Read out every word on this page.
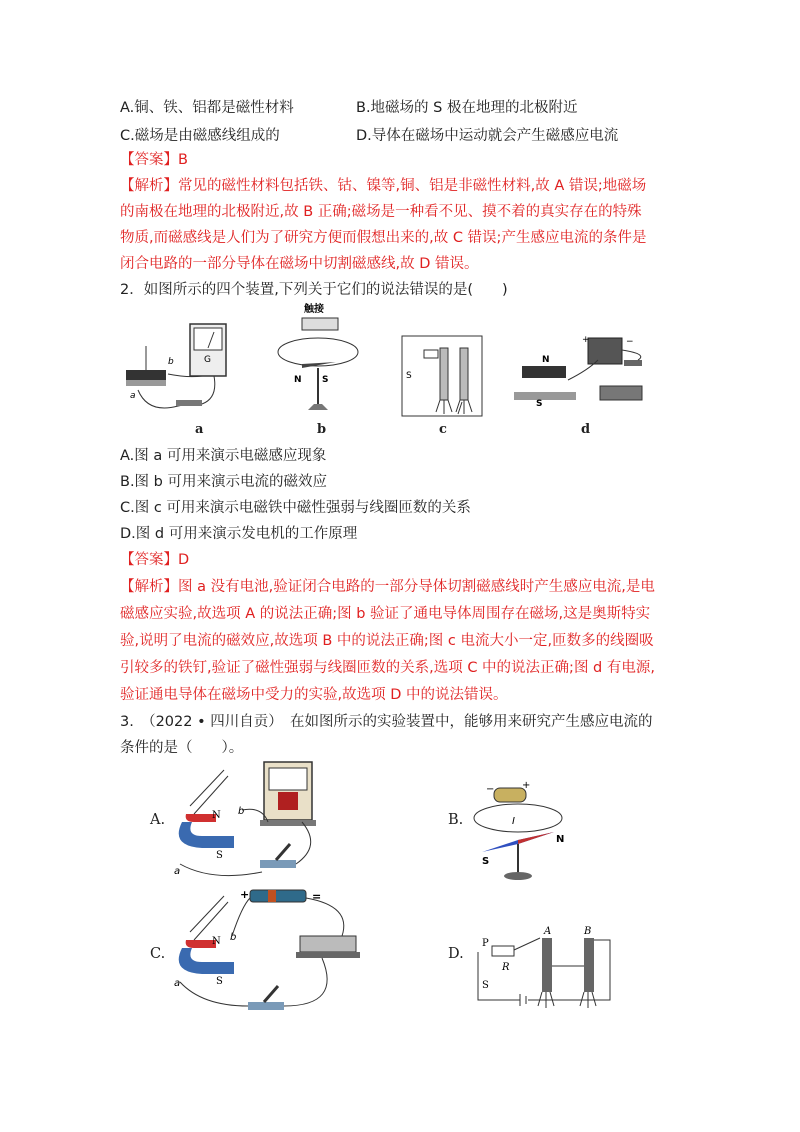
A.铜、铁、铝都是磁性材料	B.地磁场的 S 极在地理的北极附近
C.磁场是由磁感线组成的	D.导体在磁场中运动就会产生磁感应电流
【答案】B
【解析】常见的磁性材料包括铁、钴、镍等,铜、铝是非磁性材料,故 A 错误;地磁场
的南极在地理的北极附近,故 B 正确;磁场是一种看不见、摸不着的真实存在的特殊
物质,而磁感线是人们为了研究方便而假想出来的,故 C 错误;产生感应电流的条件是
闭合电路的一部分导体在磁场中切割磁感线,故 D 错误。
2．如图所示的四个装置,下列关于它们的说法错误的是(　　)
G
b
a
a
触接
N S
b
S
c
+	−
N
S
d
A.图 a 可用来演示电磁感应现象
B.图 b 可用来演示电流的磁效应
C.图 c 可用来演示电磁铁中磁性强弱与线圈匝数的关系
D.图 d 可用来演示发电机的工作原理
【答案】D
【解析】图 a 没有电池,验证闭合电路的一部分导体切割磁感线时产生感应电流,是电
磁感应实验,故选项 A 的说法正确;图 b 验证了通电导体周围存在磁场,这是奥斯特实
验,说明了电流的磁效应,故选项 B 中的说法正确;图 c 电流大小一定,匝数多的线圈吸
引较多的铁钉,验证了磁性强弱与线圈匝数的关系,选项 C 中的说法正确;图 d 有电源,
验证通电导体在磁场中受力的实验,故选项 D 中的说法错误。
3.　（2022 • 四川自贡）　在如图所示的实验装置中，能够用来研究产生感应电流的
条件的是（　　）。
A.	N
S
b
a
B.
+
−
I
N
S
C.
+	=
N
S
b
a
D.
P
R
S
A	B
